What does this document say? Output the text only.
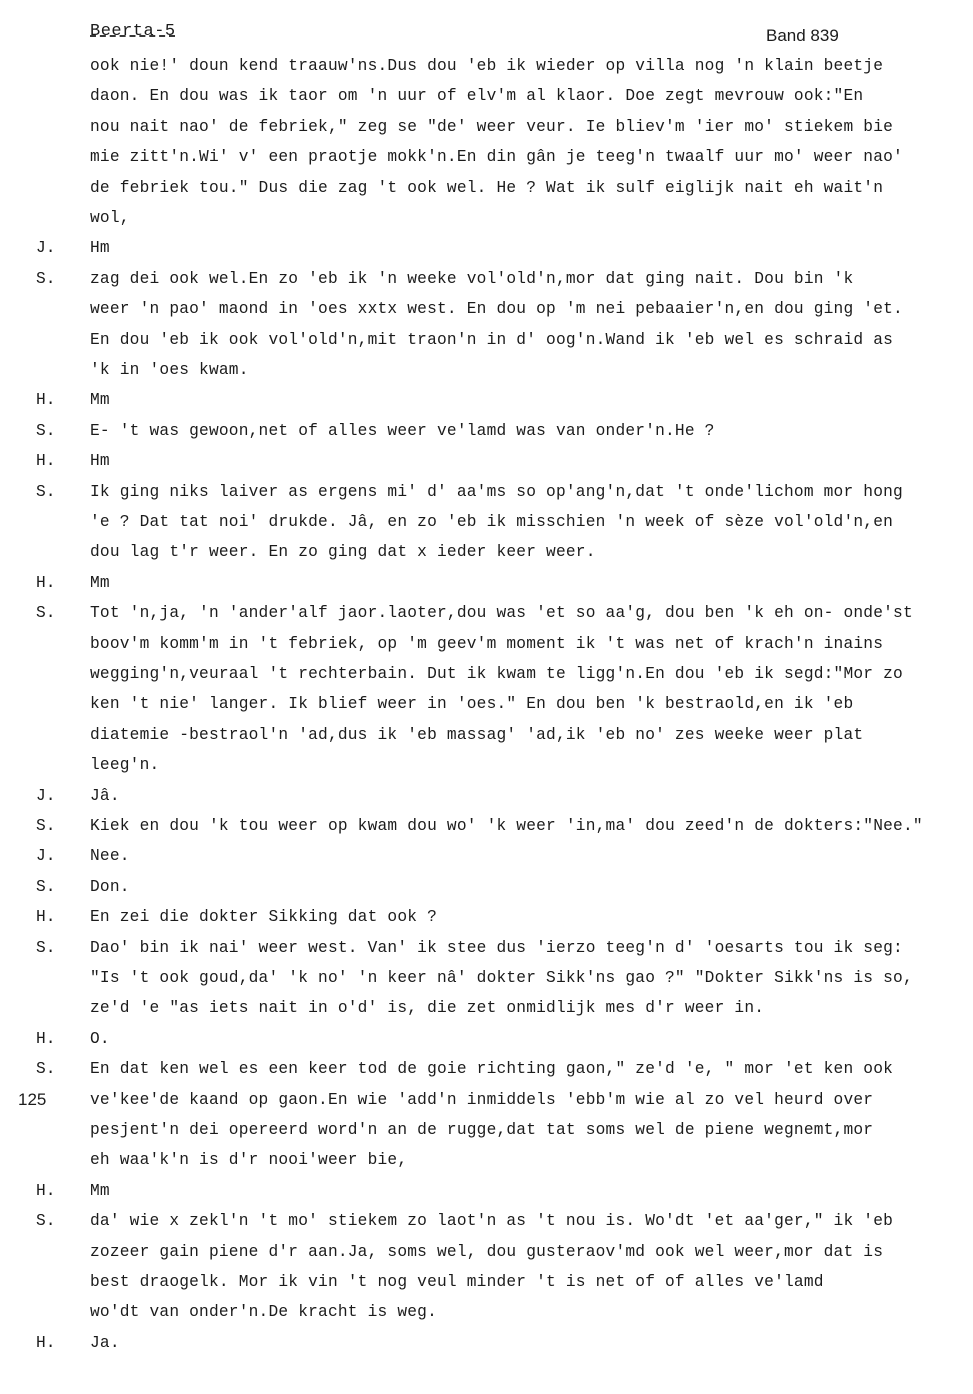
Beerta-5	Band 839
125
ook nie!' doun kend traauw'ns.Dus dou 'eb ik wieder op villa nog 'n klain beetje
daon. En dou was ik taor om 'n uur of elv'm al klaor. Doe zegt mevrouw ook:"En
nou nait nao' de febriek," zeg se "de' weer veur. Ie bliev'm 'ier mo' stiekem bie
mie zitt'n.Wi' v' een praotje mokk'n.En din gân je teeg'n twaalf uur mo' weer nao'
de febriek tou." Dus die zag 't ook wel. He ? Wat ik sulf eiglijk nait eh wait'n
wol,
J. Hm
S. zag dei ook wel.En zo 'eb ik 'n weeke vol'old'n,mor dat ging nait. Dou bin 'k
weer 'n pao' maond in 'oes xxtx west. En dou op 'm nei pebaaier'n,en dou ging 'et.
En dou 'eb ik ook vol'old'n,mit traon'n in d' oog'n.Wand ik 'eb wel es schraid as
'k in 'oes kwam.
H. Mm
S. E- 't was gewoon,net of alles weer ve'lamd was van onder'n.He ?
H. Hm
S. Ik ging niks laiver as ergens mi' d' aa'ms so op'ang'n,dat 't onde'lichom mor hong
'e ? Dat tat noi' drukde. Jâ, en zo 'eb ik misschien 'n week of sèze vol'old'n,en
dou lag t'r weer. En zo ging dat x ieder keer weer.
H. Mm
S. Tot 'n,ja, 'n 'ander'alf jaor.laoter,dou was 'et so aa'g, dou ben 'k eh on- onde'st
boov'm komm'm in 't febriek, op 'm geev'm moment ik 't was net of krach'n inains
wegging'n,veuraal 't rechterbain. Dut ik kwam te ligg'n.En dou 'eb ik segd:"Mor zo
ken 't nie' langer. Ik blief weer in 'oes." En dou ben 'k bestraold,en ik 'eb
diatemie -bestraol'n 'ad,dus ik 'eb massag' 'ad,ik 'eb no' zes weeke weer plat
leeg'n.
J. Jâ.
S. Kiek en dou 'k tou weer op kwam dou wo' 'k weer 'in,ma' dou zeed'n de dokters:"Nee."
J. Nee.
S. Don.
H. En zei die dokter Sikking dat ook ?
S. Dao' bin ik nai' weer west. Van' ik stee dus 'ierzo teeg'n d' 'oesarts tou ik seg:
"Is 't ook goud,da' 'k no' 'n keer nâ' dokter Sikk'ns gao ?" "Dokter Sikk'ns is so,
ze'd 'e "as iets nait in o'd' is, die zet onmidlijk mes d'r weer in.
H. O.
S. En dat ken wel es een keer tod de goie richting gaon," ze'd 'e, " mor 'et ken ook
ve'kee'de kaand op gaon.En wie 'add'n inmiddels 'ebb'm wie al zo vel heurd over
pesjent'n dei opereerd word'n an de rugge,dat tat soms wel de piene wegnemt,mor
eh waa'k'n is d'r nooi'weer bie,
H. Mm
S. da' wie x zekl'n 't mo' stiekem zo laot'n as 't nou is. Wo'dt 'et aa'ger," ik 'eb
zozeer gain piene d'r aan.Ja, soms wel, dou gusteraov'md ook wel weer,mor dat is
best draogelk. Mor ik vin 't nog veul minder 't is net of of alles ve'lamd
wo'dt van onder'n.De kracht is weg.
H. Ja.
